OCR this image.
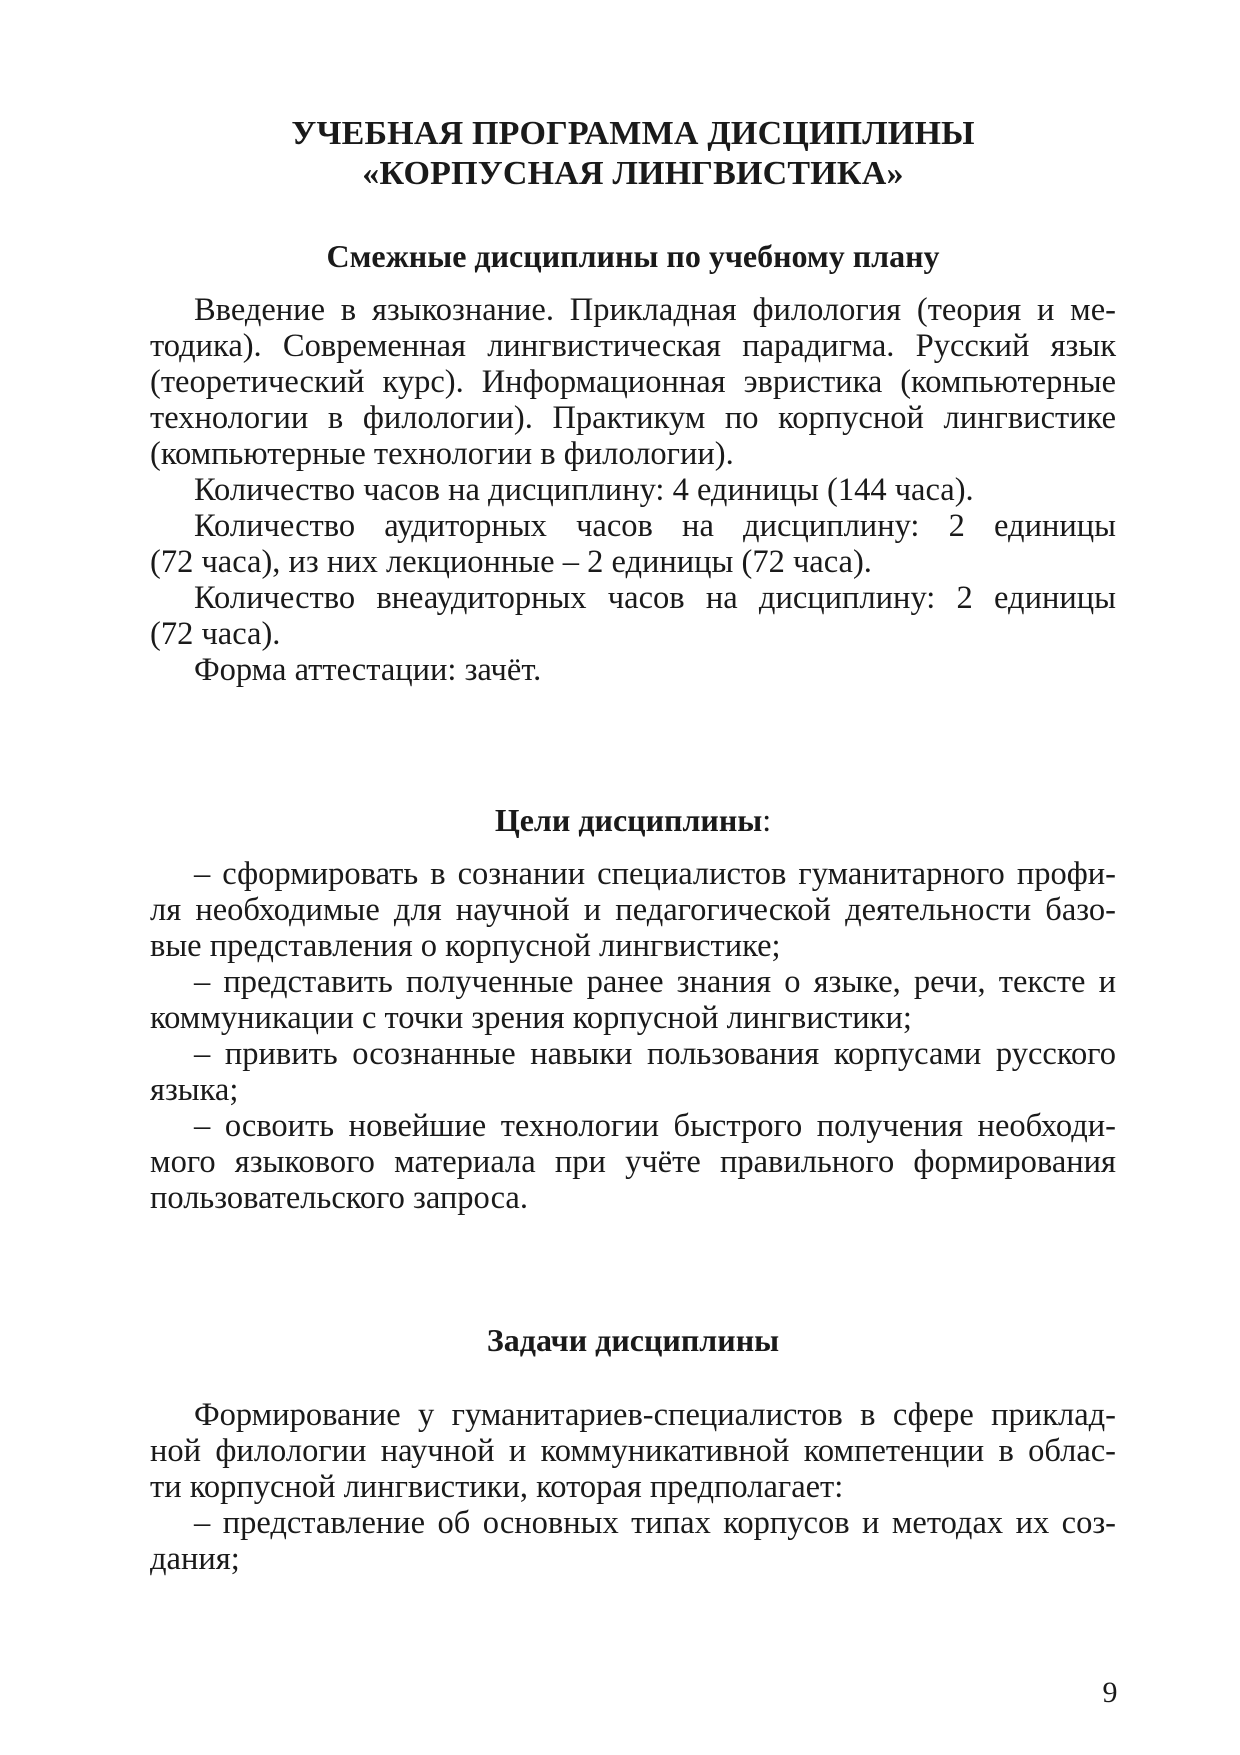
УЧЕБНАЯ ПРОГРАММА ДИСЦИПЛИНЫ
«КОРПУСНАЯ ЛИНГВИСТИКА»
Смежные дисциплины по учебному плану
Введение в языкознание. Прикладная филология (теория и ме-
тодика). Современная лингвистическая парадигма. Русский язык
(теоретический курс). Информационная эвристика (компьютерные
технологии в филологии). Практикум по корпусной лингвистике
(компьютерные технологии в филологии).
Количество часов на дисциплину: 4 единицы (144 часа).
Количество аудиторных часов на дисциплину: 2 единицы
(72 часа), из них лекционные – 2 единицы (72 часа).
Количество внеаудиторных часов на дисциплину: 2 единицы
(72 часа).
Форма аттестации: зачёт.
Цели дисциплины:
– сформировать в сознании специалистов гуманитарного профи-
ля необходимые для научной и педагогической деятельности базо-
вые представления о корпусной лингвистике;
– представить полученные ранее знания о языке, речи, тексте и
коммуникации с точки зрения корпусной лингвистики;
– привить осознанные навыки пользования корпусами русского
языка;
– освоить новейшие технологии быстрого получения необходи-
мого языкового материала при учёте правильного формирования
пользовательского запроса.
Задачи дисциплины
Формирование у гуманитариев-специалистов в сфере приклад-
ной филологии научной и коммуникативной компетенции в облас-
ти корпусной лингвистики, которая предполагает:
– представление об основных типах корпусов и методах их соз-
дания;
9
